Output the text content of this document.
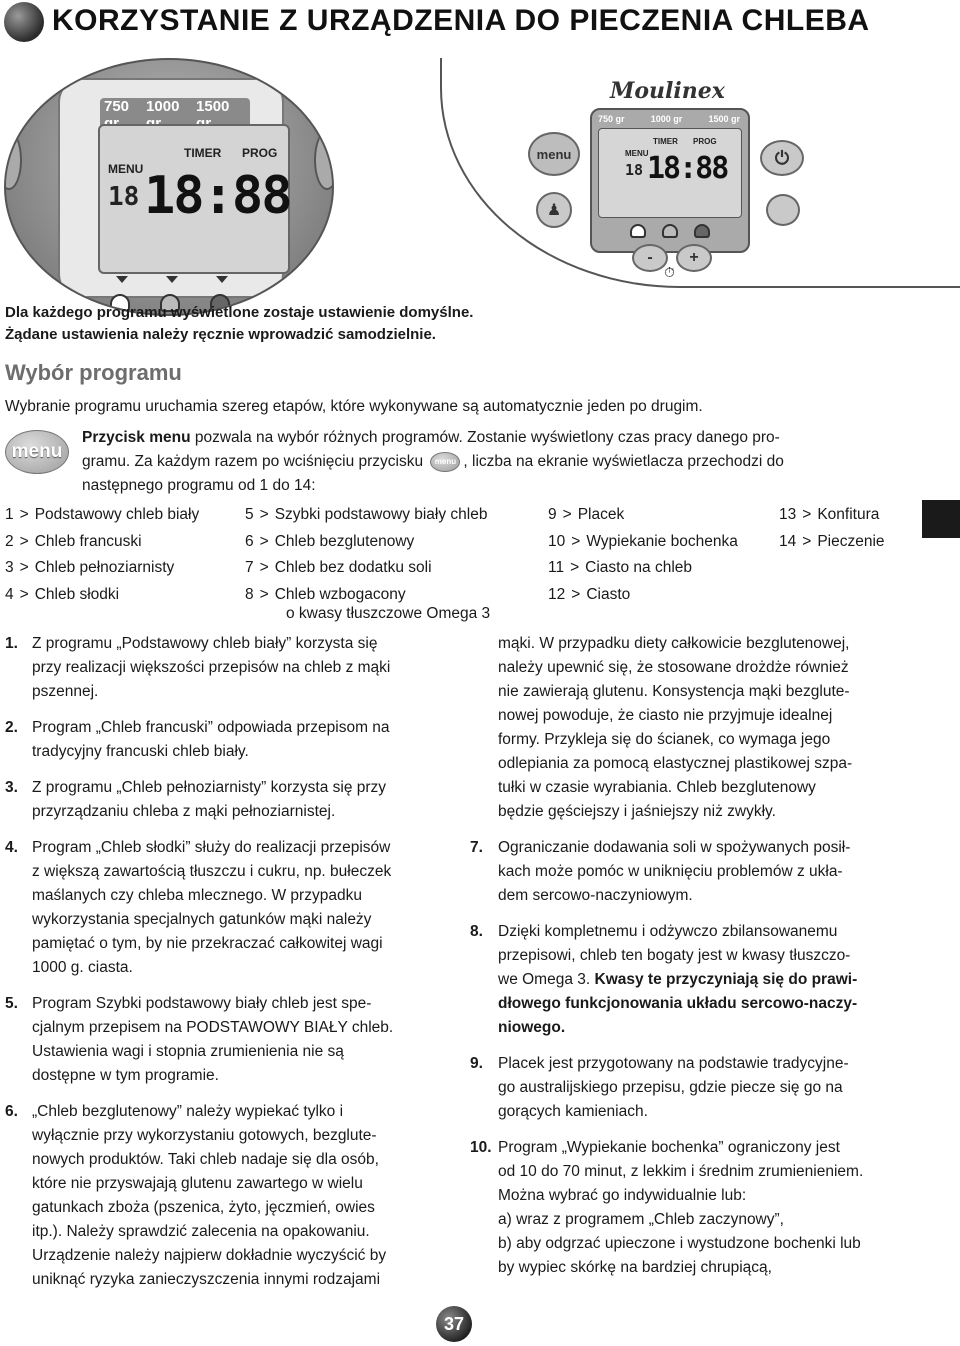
KORZYSTANIE Z URZĄDZENIA DO PIECZENIA CHLEBA
750	1000	1500
TIMER PROG
MENU
18 18:88
Moulinex
menu
♟
750 gr	1000 gr	1500 gr
TIMER PROG
MENU
18 18:88	⏻
-	+
⏱
Dla każdego programu wyświetlone zostaje ustawienie domyślne.
Żądane ustawienia należy ręcznie wprowadzić samodzielnie.
Wybór programu
Wybranie programu uruchamia szereg etapów, które wykonywane są automatycznie jeden po drugim.
menu
Przycisk menu pozwala na wybór różnych programów. Zostanie wyświetlony czas pracy danego pro-
gramu. Za każdym razem po wciśnięciu przycisku menu , liczba na ekranie wyświetlacza przechodzi do
następnego programu od 1 do 14:
1 > Podstawowy chleb biały
2 > Chleb francuski
3 > Chleb pełnoziarnisty
4 > Chleb słodki
5 > Szybki podstawowy biały chleb
6 > Chleb bezglutenowy
7 > Chleb bez dodatku soli
8 > Chleb wzbogacony
o kwasy tłuszczowe Omega 3
9 > Placek
10 > Wypiekanie bochenka
11 > Ciasto na chleb
12 > Ciasto
13 > Konfitura
14 > Pieczenie
1. Z programu „Podstawowy chleb biały” korzysta się
przy realizacji większości przepisów na chleb z mąki
pszennej.
2. Program „Chleb francuski” odpowiada przepisom na
tradycyjny francuski chleb biały.
3. Z programu „Chleb pełnoziarnisty” korzysta się przy
przyrządzaniu chleba z mąki pełnoziarnistej.
4. Program „Chleb słodki” służy do realizacji przepisów
z większą zawartością tłuszczu i cukru, np. bułeczek
maślanych czy chleba mlecznego. W przypadku
wykorzystania specjalnych gatunków mąki należy
pamiętać o tym, by nie przekraczać całkowitej wagi
1000 g. ciasta.
5. Program Szybki podstawowy biały chleb jest spe-
cjalnym przepisem na PODSTAWOWY BIAŁY chleb.
Ustawienia wagi i stopnia zrumienienia nie są
dostępne w tym programie.
6. „Chleb bezglutenowy” należy wypiekać tylko i
wyłącznie przy wykorzystaniu gotowych, bezglute-
nowych produktów. Taki chleb nadaje się dla osób,
które nie przyswajają glutenu zawartego w wielu
gatunkach zboża (pszenica, żyto, jęczmień, owies
itp.). Należy sprawdzić zalecenia na opakowaniu.
Urządzenie należy najpierw dokładnie wyczyścić by
uniknąć ryzyka zanieczyszczenia innymi rodzajami
mąki. W przypadku diety całkowicie bezglutenowej,
należy upewnić się, że stosowane drożdże również
nie zawierają glutenu. Konsystencja mąki bezglute-
nowej powoduje, że ciasto nie przyjmuje idealnej
formy. Przykleja się do ścianek, co wymaga jego
odlepiania za pomocą elastycznej plastikowej szpa-
tułki w czasie wyrabiania. Chleb bezglutenowy
będzie gęściejszy i jaśniejszy niż zwykły.
7. Ograniczanie dodawania soli w spożywanych posił-
kach może pomóc w uniknięciu problemów z ukła-
dem sercowo-naczyniowym.
8. Dzięki kompletnemu i odżywczo zbilansowanemu
przepisowi, chleb ten bogaty jest w kwasy tłuszczo-
we Omega 3. Kwasy te przyczyniają się do prawi-
dłowego funkcjonowania układu sercowo-naczy-
niowego.
9. Placek jest przygotowany na podstawie tradycyjne-
go australijskiego przepisu, gdzie piecze się go na
gorących kamieniach.
10. Program „Wypiekanie bochenka” ograniczony jest
od 10 do 70 minut, z lekkim i średnim zrumienieniem.
Można wybrać go indywidualnie lub:
a) wraz z programem „Chleb zaczynowy”,
b) aby odgrzać upieczone i wystudzone bochenki lub
by wypiec skórkę na bardziej chrupiącą,
37
